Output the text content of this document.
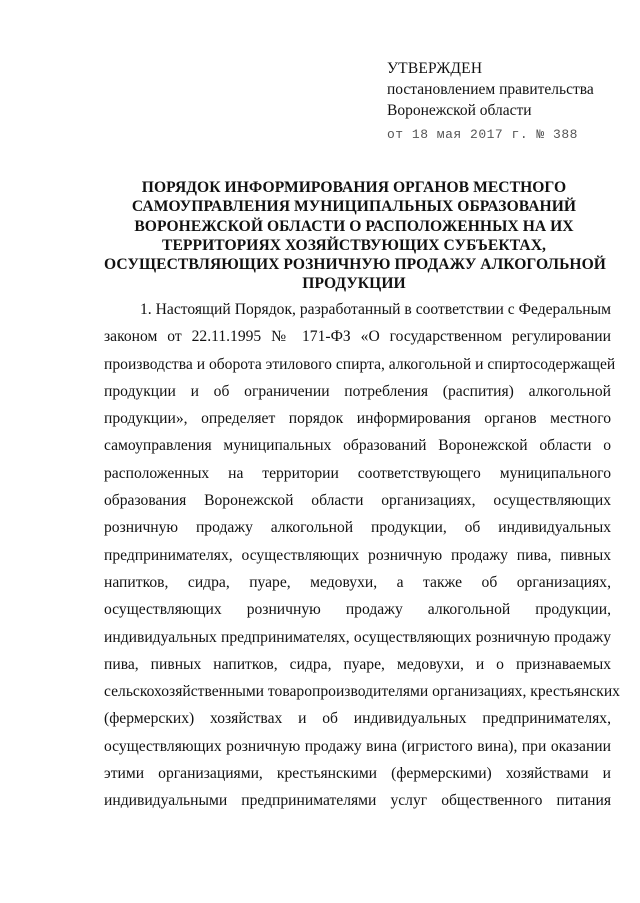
УТВЕРЖДЕН
постановлением правительства
Воронежской области
от 18 мая 2017 г. № 388
ПОРЯДОК ИНФОРМИРОВАНИЯ ОРГАНОВ МЕСТНОГО
САМОУПРАВЛЕНИЯ МУНИЦИПАЛЬНЫХ ОБРАЗОВАНИЙ
ВОРОНЕЖСКОЙ ОБЛАСТИ О РАСПОЛОЖЕННЫХ НА ИХ
ТЕРРИТОРИЯХ ХОЗЯЙСТВУЮЩИХ СУБЪЕКТАХ,
ОСУЩЕСТВЛЯЮЩИХ РОЗНИЧНУЮ ПРОДАЖУ АЛКОГОЛЬНОЙ
ПРОДУКЦИИ
1. Настоящий Порядок, разработанный в соответствии с Федеральным
законом от 22.11.1995 № 171-ФЗ «О государственном регулировании
производства и оборота этилового спирта, алкогольной и спиртосодержащей
продукции и об ограничении потребления (распития) алкогольной
продукции», определяет порядок информирования органов местного
самоуправления муниципальных образований Воронежской области о
расположенных на территории соответствующего муниципального
образования Воронежской области организациях, осуществляющих
розничную продажу алкогольной продукции, об индивидуальных
предпринимателях, осуществляющих розничную продажу пива, пивных
напитков, сидра, пуаре, медовухи, а также об организациях,
осуществляющих розничную продажу алкогольной продукции,
индивидуальных предпринимателях, осуществляющих розничную продажу
пива, пивных напитков, сидра, пуаре, медовухи, и о признаваемых
сельскохозяйственными товаропроизводителями организациях, крестьянских
(фермерских) хозяйствах и об индивидуальных предпринимателях,
осуществляющих розничную продажу вина (игристого вина), при оказании
этими организациями, крестьянскими (фермерскими) хозяйствами и
индивидуальными предпринимателями услуг общественного питания
